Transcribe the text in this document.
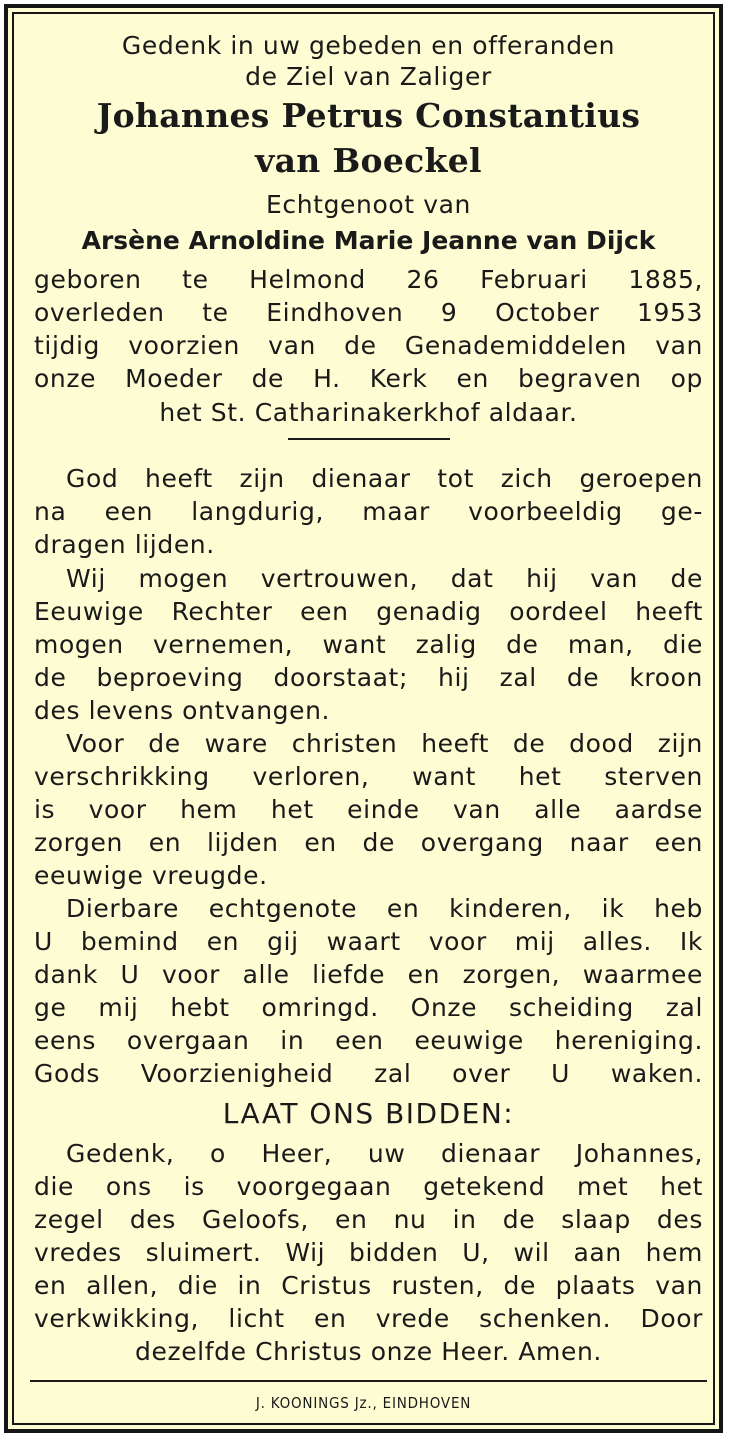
Gedenk in uw gebeden en offeranden
de Ziel van Zaliger
Johannes Petrus Constantius
van Boeckel
Echtgenoot van
Arsène Arnoldine Marie Jeanne van Dijck
geboren te Helmond 26 Februari 1885,
overleden te Eindhoven 9 October 1953
tijdig voorzien van de Genademiddelen van
onze Moeder de H. Kerk en begraven op
het St. Catharinakerkhof aldaar.
God heeft zijn dienaar tot zich geroepen
na een langdurig, maar voorbeeldig ge-
dragen lijden.
Wij mogen vertrouwen, dat hij van de
Eeuwige Rechter een genadig oordeel heeft
mogen vernemen, want zalig de man, die
de beproeving doorstaat; hij zal de kroon
des levens ontvangen.
Voor de ware christen heeft de dood zijn
verschrikking verloren, want het sterven
is voor hem het einde van alle aardse
zorgen en lijden en de overgang naar een
eeuwige vreugde.
Dierbare echtgenote en kinderen, ik heb
U bemind en gij waart voor mij alles. Ik
dank U voor alle liefde en zorgen, waarmee
ge mij hebt omringd. Onze scheiding zal
eens overgaan in een eeuwige hereniging.
Gods Voorzienigheid zal over U waken.
LAAT ONS BIDDEN:
Gedenk, o Heer, uw dienaar Johannes,
die ons is voorgegaan getekend met het
zegel des Geloofs, en nu in de slaap des
vredes sluimert. Wij bidden U, wil aan hem
en allen, die in Cristus rusten, de plaats van
verkwikking, licht en vrede schenken. Door
dezelfde Christus onze Heer. Amen.
J. KOONINGS Jz., EINDHOVEN
